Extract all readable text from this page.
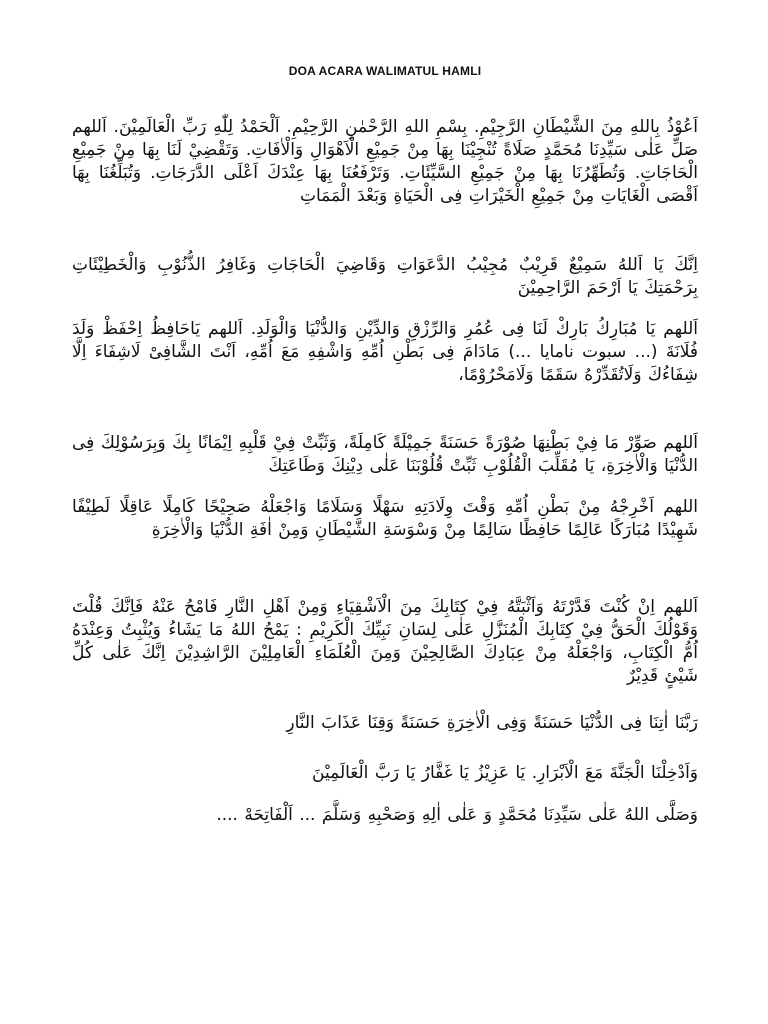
DOA ACARA WALIMATUL HAMLI

اَعُوْذُ بِاللهِ مِنَ الشَّيْطَانِ الرَّجِيْمِ. بِسْمِ اللهِ الرَّحْمٰنِ الرَّحِيْمِ. اَلْحَمْدُ لِلّٰهِ رَبِّ الْعَالَمِيْنَ. اَللهم صَلِّ عَلٰى سَيِّدِنَا مُحَمَّدٍ صَلَاةً تُنْجِيْنَا بِهَا مِنْ جَمِيْعِ الْاَهْوَالِ وَالْاٰفَاتِ. وَتَقْضِيْ لَنَا بِهَا مِنْ جَمِيْعِ الْحَاجَاتِ. وَتُطَهِّرُنَا بِهَا مِنْ جَمِيْعِ السَّيِّئَاتِ. وَتَرْفَعُنَا بِهَا عِنْدَكَ اَعْلَى الدَّرَجَاتِ. وَتُبَلِّغُنَا بِهَا اَقْصَى الْغَايَاتِ مِنْ جَمِيْعِ الْخَيْرَاتِ فِى الْحَيَاةِ وَبَعْدَ الْمَمَاتِ

اِنَّكَ يَا اَللهُ سَمِيْعٌ قَرِيْبٌ مُجِيْبُ الدَّعَوَاتِ وَقَاضِيَ الْحَاجَاتِ وَغَافِرُ الذُّنُوْبِ وَالْخَطِيْئَاتِ بِرَحْمَتِكَ يَا اَرْحَمَ الرَّاحِمِيْنَ

اَللهم يَا مُبَارِكُ بَارِكْ لَنَا فِى عُمُرِ وَالرِّزْقِ وَالدِّيْنِ وَالدُّنْيَا وَالْوَلَدِ. اَللهم يَاحَافِظُ اِحْفَظْ وَلَدَ فُلَانَةَ (... سبوت نامايا ...) مَادَامَ فِى بَطْنِ اُمِّهِ وَاشْفِهِ مَعَ اُمِّهِ، اَنْتَ الشَّافِىْ لَاشِفَاءَ اِلَّا شِفَاءُكَ وَلَاتُقَدِّرْهُ سَقَمًا وَلَامَحْرُوْمًا،

اَللهم صَوِّرْ مَا فِيْ بَطْنِهَا صُوْرَةً حَسَنَةً جَمِيْلَةً كَامِلَةً، وَثَبِّتْ فِيْ قَلْبِهِ اِيْمَانًا بِكَ وَبِرَسُوْلِكَ فِى الدُّنْيَا وَالْاٰخِرَةِ، يَا مُقَلِّبَ الْقُلُوْبِ ثَبِّتْ قُلُوْبَنَا عَلٰى دِيْنِكَ وَطَاعَتِكَ

اللهم اَخْرِجْهُ مِنْ بَطْنِ اُمِّهِ وَقْتَ وِلَادَتِهِ سَهْلًا وَسَلَامًا وَاجْعَلْهُ صَحِيْحًا كَامِلًا عَاقِلًا لَطِيْفًا شَهِيْدًا مُبَارَكًا عَالِمًا حَافِظًا سَالِمًا مِنْ وَسْوَسَةِ الشَّيْطَانِ وَمِنْ اٰفَةِ الدُّنْيَا وَالْاٰخِرَةِ

اَللهم اِنْ كُنْتَ قَدَّرْتَهُ وَاَثْبَتَّهُ فِيْ كِتَابِكَ مِنَ الْاَشْقِيَاءِ وَمِنْ اَهْلِ النَّارِ فَامْحُ عَنْهُ فَاِنَّكَ قُلْتَ وَقَوْلُكَ الْحَقُّ فِيْ كِتَابِكَ الْمُنَزَّلِ عَلٰى لِسَانِ نَبِيِّكَ الْكَرِيْمِ : يَمْحُ اللهُ مَا يَشَاءُ وَيُثْبِتُ وَعِنْدَهُ اُمُّ الْكِتَابِ، وَاجْعَلْهُ مِنْ عِبَادِكَ الصَّالِحِيْنَ وَمِنَ الْعُلَمَاءِ الْعَامِلِيْنَ الرَّاشِدِيْنَ اِنَّكَ عَلٰى كُلِّ شَيْئٍ قَدِيْرٌ

رَبَّنَا اٰتِنَا فِى الدُّنْيَا حَسَنَةً وَفِى الْاٰخِرَةِ حَسَنَةً وَقِنَا عَذَابَ النَّارِ

وَاَدْخِلْنَا الْجَنَّةَ مَعَ الْاَبْرَارِ. يَا عَزِيْزُ يَا غَفَّارُ يَا رَبَّ الْعَالَمِيْنَ

وَصَلَّى اللهُ عَلٰى سَيِّدِنَا مُحَمَّدٍ وَ عَلٰى اٰلِهِ وَصَحْبِهِ وَسَلَّمَ ... اَلْفَاتِحَهْ ....
